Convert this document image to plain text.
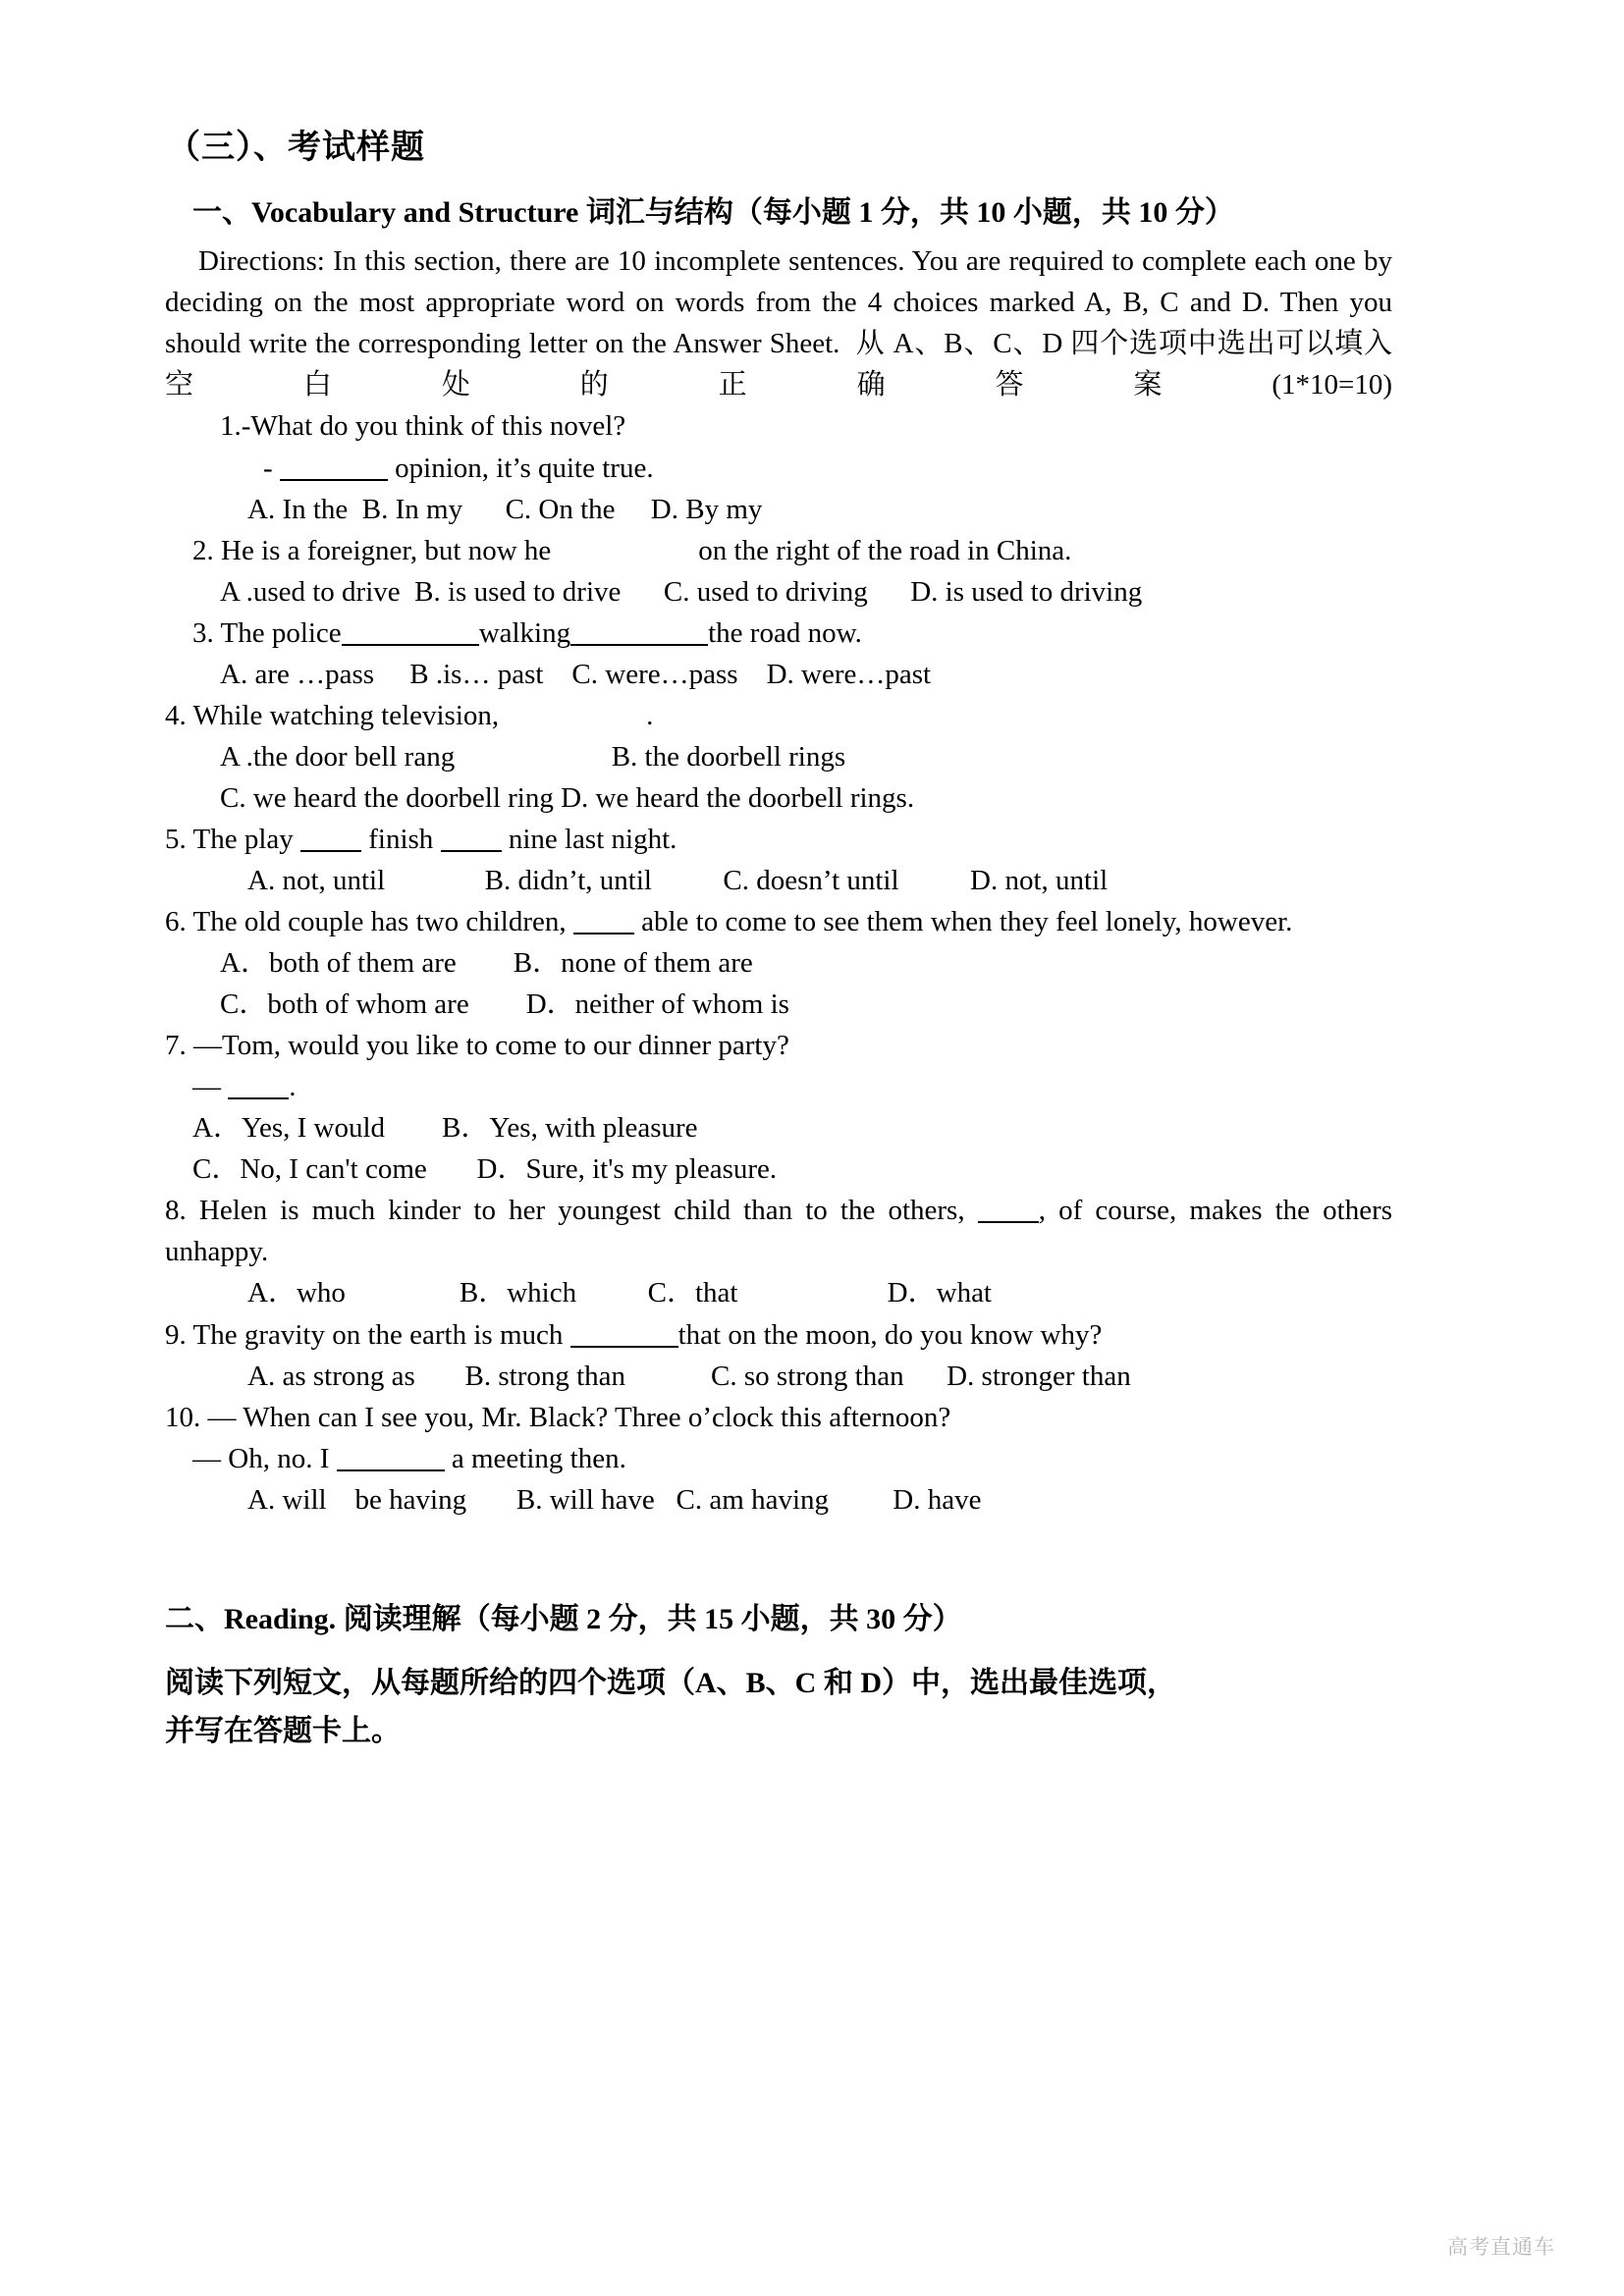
（三）、考试样题

一、Vocabulary and Structure 词汇与结构（每小题 1 分，共 10 小题，共 10 分）

Directions: In this section, there are 10 incomplete sentences. You are required to complete each one by deciding on the most appropriate word on words from the 4 choices marked A, B, C and D. Then you should write the corresponding letter on the Answer Sheet. 从 A、B、C、D 四个选项中选出可以填入空白处的正确答案(1*10=10)

1.-What do you think of this novel?

-	opinion, it’s quite true.

A. In the  B. In my      C. On the     D. By my

2. He is a foreigner, but now he	on the right of the road in China.

A .used to drive  B. is used to drive      C. used to driving      D. is used to driving

3. The police	walking	the road now.

A. are …pass     B .is… past    C. were…pass    D. were…past

4. While watching television,	.

A .the door bell rang                      B. the doorbell rings

C. we heard the doorbell ring D. we heard the doorbell rings.

5. The play	finish	nine last night.

A. not, until              B. didn’t, until          C. doesn’t until          D. not, until

6. The old couple has two children,	able to come to see them when they feel lonely, however.

A．both of them are        B．none of them are

C．both of whom are        D．neither of whom is

7. —Tom, would you like to come to our dinner party?

— .

A．Yes, I would        B．Yes, with pleasure

C．No, I can't come       D．Sure, it's my pleasure.

8. Helen is much kinder to her youngest child than to the others,	, of course, makes the others unhappy.

A．who                B．which          C．that                     D．what

9. The gravity on the earth is much	that on the moon, do you know why?

A. as strong as       B. strong than            C. so strong than      D. stronger than

10. — When can I see you, Mr. Black? Three o’clock this afternoon?

— Oh, no. I	a meeting then.

A. will    be having       B. will have   C. am having         D. have

二、Reading. 阅读理解（每小题 2 分，共 15 小题，共 30 分）

阅读下列短文，从每题所给的四个选项（A、B、C 和 D）中，选出最佳选项，

并写在答题卡上。

高考直通车
